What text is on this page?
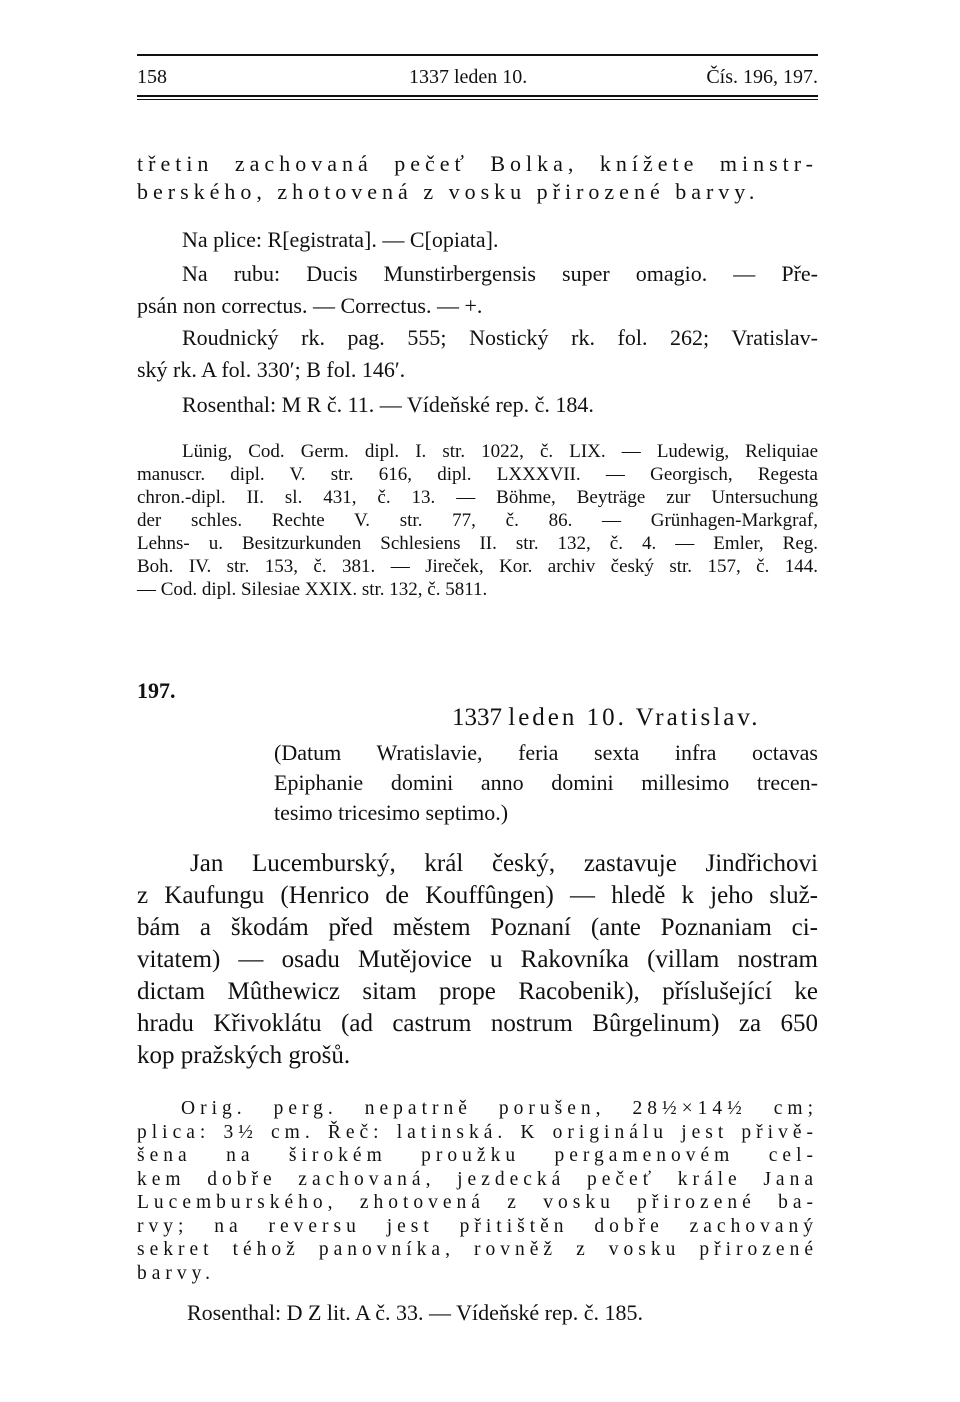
158	1337 leden 10.	Čís. 196, 197.
třetin zachovaná pečeť Bolka, knížete minstr-
berského, zhotovená z vosku přirozené barvy.
Na plice: R[egistrata]. — C[opiata].
Na rubu: Ducis Munstirbergensis super omagio. — Pře-
psán non correctus. — Correctus. — +.
Roudnický rk. pag. 555; Nostický rk. fol. 262; Vratislav-
ský rk. A fol. 330′; B fol. 146′.
Rosenthal: M R č. 11. — Vídeňské rep. č. 184.
Lünig, Cod. Germ. dipl. I. str. 1022, č. LIX. — Ludewig, Reliquiae
manuscr. dipl. V. str. 616, dipl. LXXXVII. — Georgisch, Regesta
chron.-dipl. II. sl. 431, č. 13. — Böhme, Beyträge zur Untersuchung
der schles. Rechte V. str. 77, č. 86. — Grünhagen-Markgraf,
Lehns- u. Besitzurkunden Schlesiens II. str. 132, č. 4. — Emler, Reg.
Boh. IV. str. 153, č. 381. — Jireček, Kor. archiv český str. 157, č. 144.
— Cod. dipl. Silesiae XXIX. str. 132, č. 5811.
197.
1337 leden 10. Vratislav.
(Datum Wratislavie, feria sexta infra octavas
Epiphanie domini anno domini millesimo trecen-
tesimo tricesimo septimo.)
Jan Lucemburský, král český, zastavuje Jindřichovi
z Kaufungu (Henrico de Kouffûngen) — hledě k jeho služ-
bám a škodám před městem Poznaní (ante Poznaniam ci-
vitatem) — osadu Mutějovice u Rakovníka (villam nostram
dictam Mûthewicz sitam prope Racobenik), příslušející ke
hradu Křivoklátu (ad castrum nostrum Bûrgelinum) za 650
kop pražských grošů.
Orig. perg. nepatrně porušen, 28½×14½ cm;
plica: 3½ cm. Řeč: latinská. K originálu jest přivě-
šena na širokém proužku pergamenovém cel-
kem dobře zachovaná, jezdecká pečeť krále Jana
Lucemburského, zhotovená z vosku přirozené ba-
rvy; na reversu jest přitištěn dobře zachovaný
sekret téhož panovníka, rovněž z vosku přirozené
barvy.
Rosenthal: D Z lit. A č. 33. — Vídeňské rep. č. 185.
